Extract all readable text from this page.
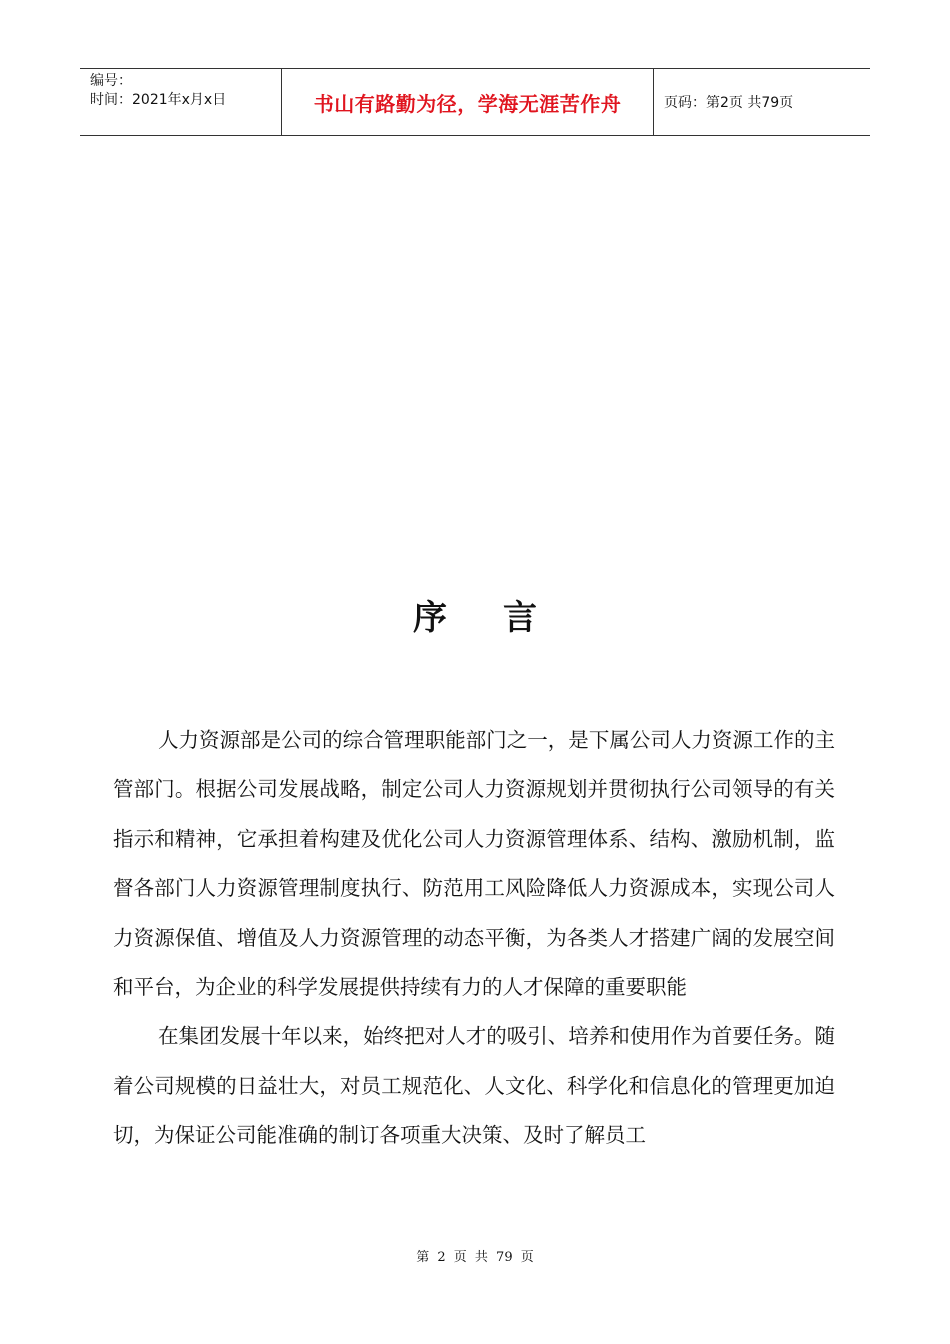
编号：
时间：2021年x月x日	书山有路勤为径，学海无涯苦作舟	页码：第2页 共79页
序言

人力资源部是公司的综合管理职能部门之一，是下属公司人力资源工作的主管部门。根据公司发展战略，制定公司人力资源规划并贯彻执行公司领导的有关指示和精神，它承担着构建及优化公司人力资源管理体系、结构、激励机制，监督各部门人力资源管理制度执行、防范用工风险降低人力资源成本，实现公司人力资源保值、增值及人力资源管理的动态平衡，为各类人才搭建广阔的发展空间和平台，为企业的科学发展提供持续有力的人才保障的重要职能

在集团发展十年以来，始终把对人才的吸引、培养和使用作为首要任务。随着公司规模的日益壮大，对员工规范化、人文化、科学化和信息化的管理更加迫切，为保证公司能准确的制订各项重大决策、及时了解员工

第 2 页 共 79 页
